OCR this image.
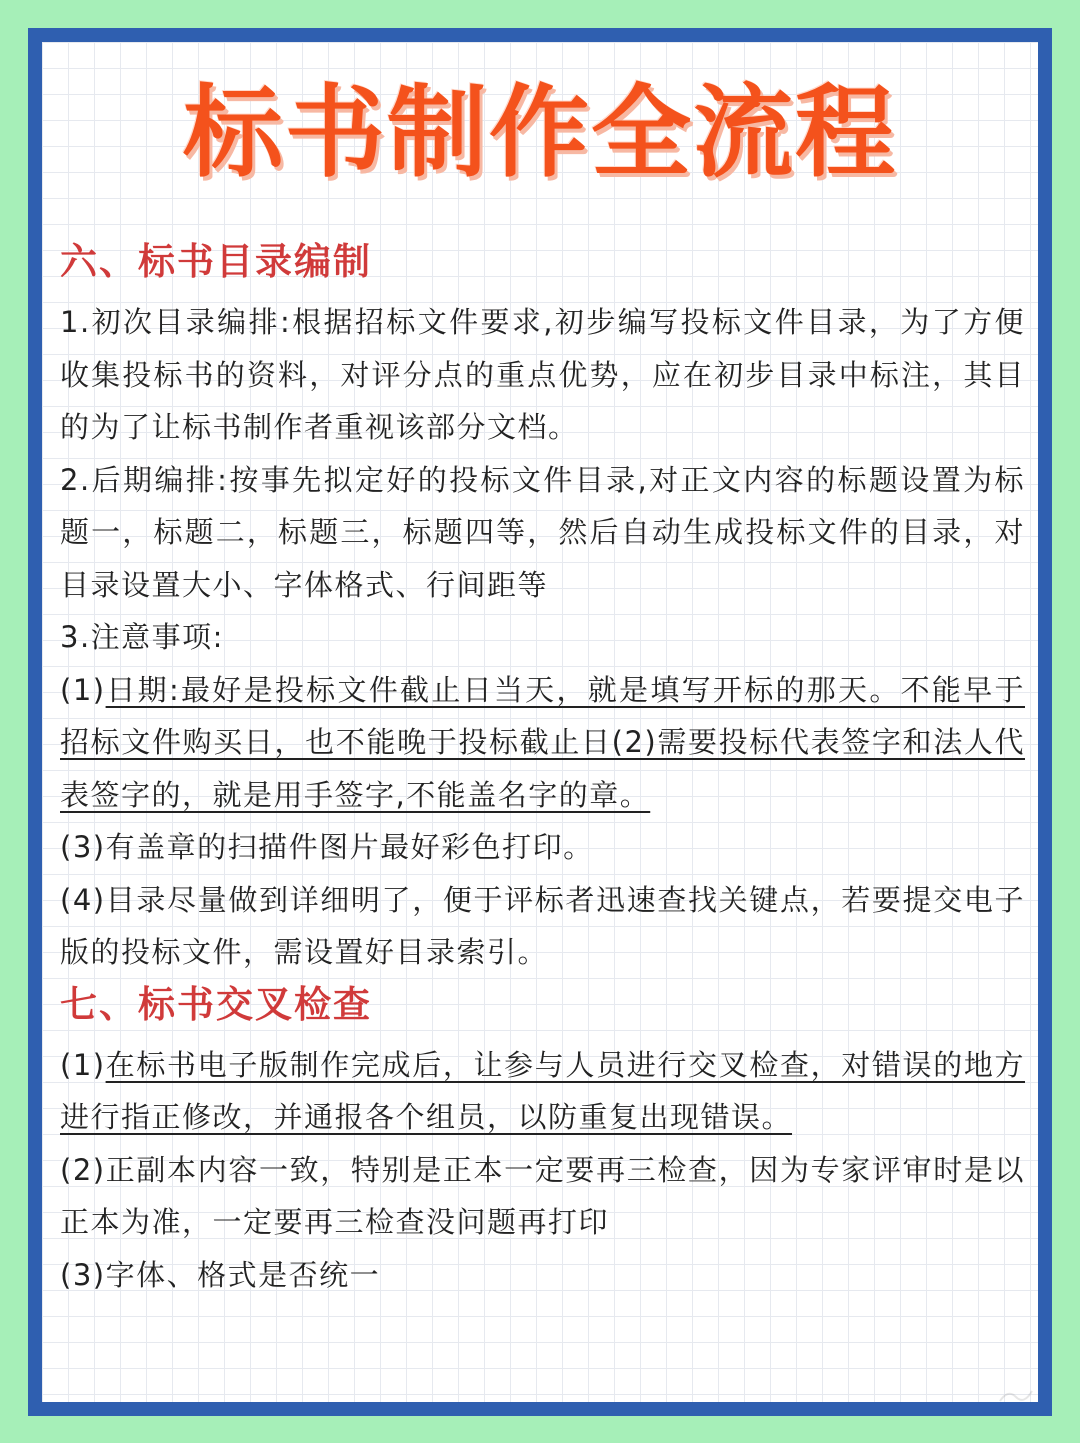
标书制作全流程
六、标书目录编制

1.初次目录编排:根据招标文件要求,初步编写投标文件目录，为了方便收集投标书的资料，对评分点的重点优势，应在初步目录中标注，其目的为了让标书制作者重视该部分文档。

2.后期编排:按事先拟定好的投标文件目录,对正文内容的标题设置为标题一，标题二，标题三，标题四等，然后自动生成投标文件的目录，对目录设置大小、字体格式、行间距等

3.注意事项:

(1)日期:最好是投标文件截止日当天，就是填写开标的那天。不能早于招标文件购买日，也不能晚于投标截止日(2)需要投标代表签字和法人代表签字的，就是用手签字,不能盖名字的章。

(3)有盖章的扫描件图片最好彩色打印。

(4)目录尽量做到详细明了，便于评标者迅速查找关键点，若要提交电子版的投标文件，需设置好目录索引。

七、标书交叉检查

(1)在标书电子版制作完成后，让参与人员进行交叉检查，对错误的地方进行指正修改，并通报各个组员，以防重复出现错误。

(2)正副本内容一致，特别是正本一定要再三检查，因为专家评审时是以正本为准，一定要再三检查没问题再打印

(3)字体、格式是否统一
